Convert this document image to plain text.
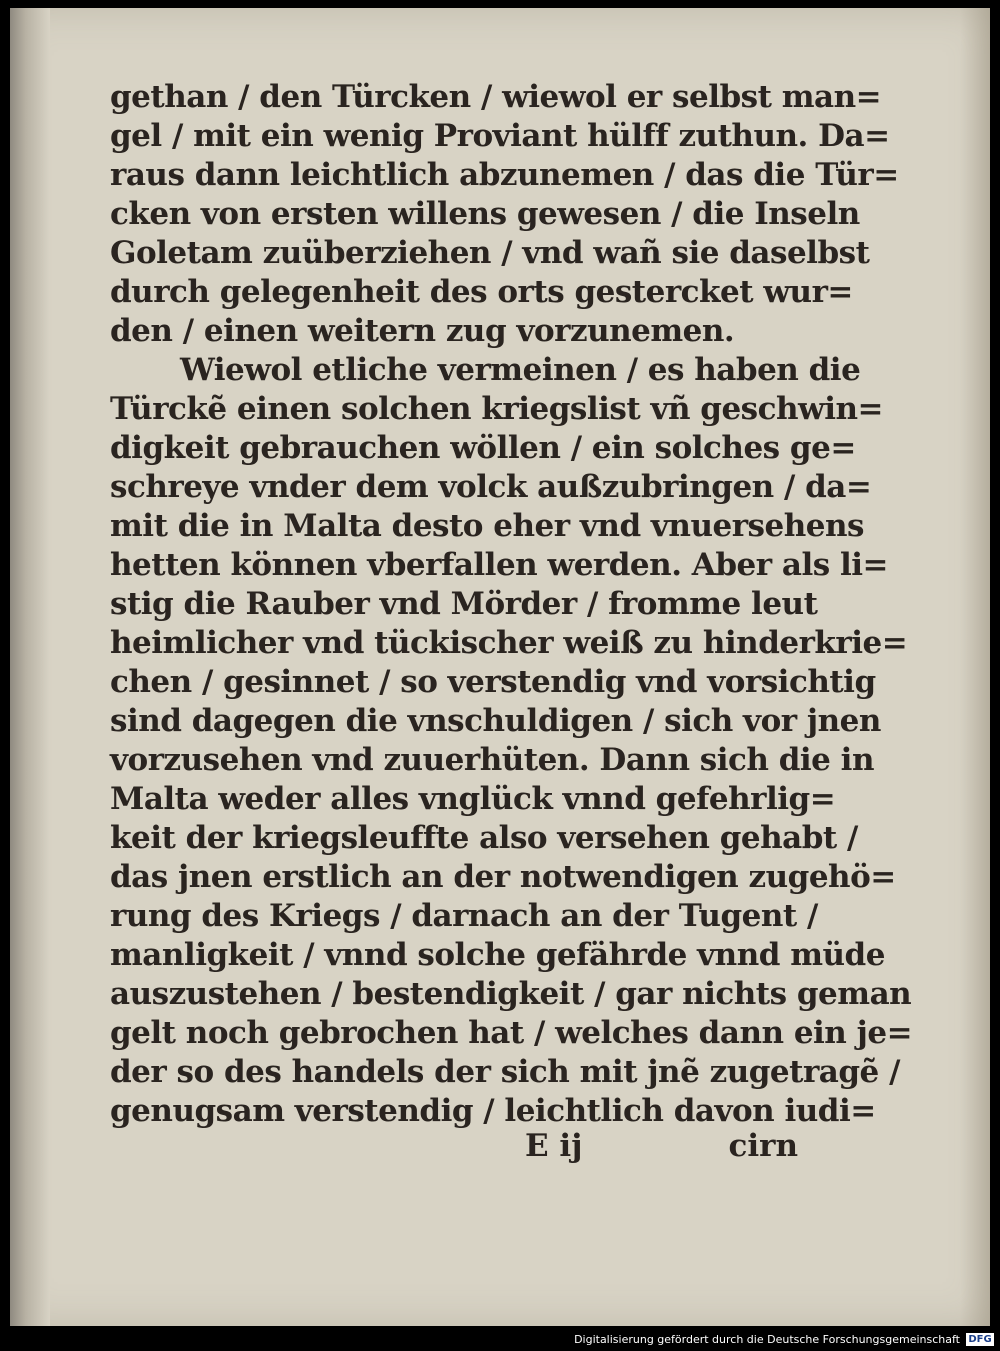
gethan / den Türcken / wiewol er selbst man=
gel / mit ein wenig Proviant hülff zuthun. Da=
raus dann leichtlich abzunemen / das die Tür=
cken von ersten willens gewesen / die Inseln
Goletam zuüberziehen / vnd wañ sie daselbst
durch gelegenheit des orts gestercket wur=
den / einen weitern zug vorzunemen.
Wiewol etliche vermeinen / es haben die
Türckẽ einen solchen kriegslist vñ geschwin=
digkeit gebrauchen wöllen / ein solches ge=
schreye vnder dem volck außzubringen / da=
mit die in Malta desto eher vnd vnuersehens
hetten können vberfallen werden. Aber als li=
stig die Rauber vnd Mörder / fromme leut
heimlicher vnd tückischer weiß zu hinderkrie=
chen / gesinnet / so verstendig vnd vorsichtig
sind dagegen die vnschuldigen / sich vor jnen
vorzusehen vnd zuuerhüten. Dann sich die in
Malta weder alles vnglück vnnd gefehrlig=
keit der kriegsleuffte also versehen gehabt /
das jnen erstlich an der notwendigen zugehö=
rung des Kriegs / darnach an der Tugent /
manligkeit / vnnd solche gefährde vnnd müde
auszustehen / bestendigkeit / gar nichts geman
gelt noch gebrochen hat / welches dann ein je=
der so des handels der sich mit jnẽ zugetragẽ /
genugsam verstendig / leichtlich davon iudi=
E ij	cirn
Digitalisierung gefördert durch die Deutsche Forschungsgemeinschaft DFG
